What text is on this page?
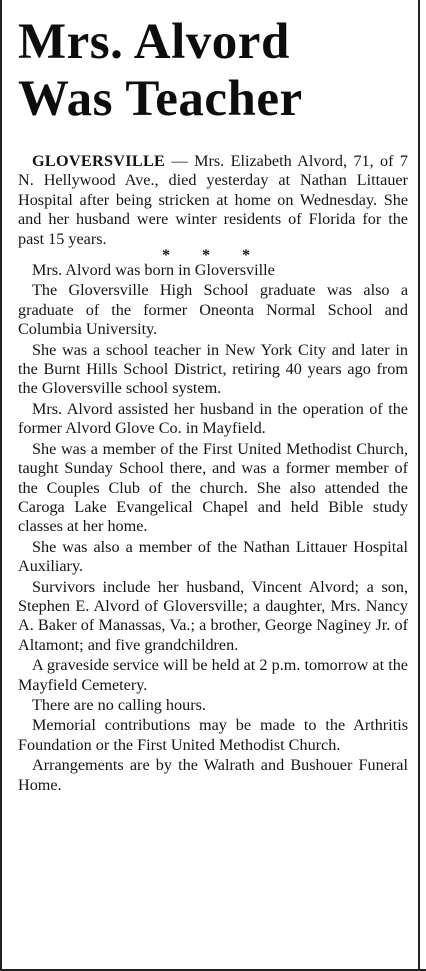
Mrs. Alvord
Was Teacher

GLOVERSVILLE — Mrs. Elizabeth Alvord, 71, of 7 N. Hellywood Ave., died yesterday at Nathan Littauer Hospital after being stricken at home on Wednesday. She and her husband were winter residents of Florida for the past 15 years.

* * *

Mrs. Alvord was born in Gloversville

The Gloversville High School graduate was also a graduate of the former Oneonta Normal School and Columbia University.

She was a school teacher in New York City and later in the Burnt Hills School District, retiring 40 years ago from the Gloversville school system.

Mrs. Alvord assisted her husband in the operation of the former Alvord Glove Co. in Mayfield.

She was a member of the First United Methodist Church, taught Sunday School there, and was a former member of the Couples Club of the church. She also attended the Caroga Lake Evangelical Chapel and held Bible study classes at her home.

She was also a member of the Nathan Littauer Hospital Auxiliary.

Survivors include her husband, Vincent Alvord; a son, Stephen E. Alvord of Gloversville; a daughter, Mrs. Nancy A. Baker of Manassas, Va.; a brother, George Naginey Jr. of Altamont; and five grandchildren.

A graveside service will be held at 2 p.m. tomorrow at the Mayfield Cemetery.

There are no calling hours.

Memorial contributions may be made to the Arthritis Foundation or the First United Methodist Church.

Arrangements are by the Walrath and Bushouer Funeral Home.
